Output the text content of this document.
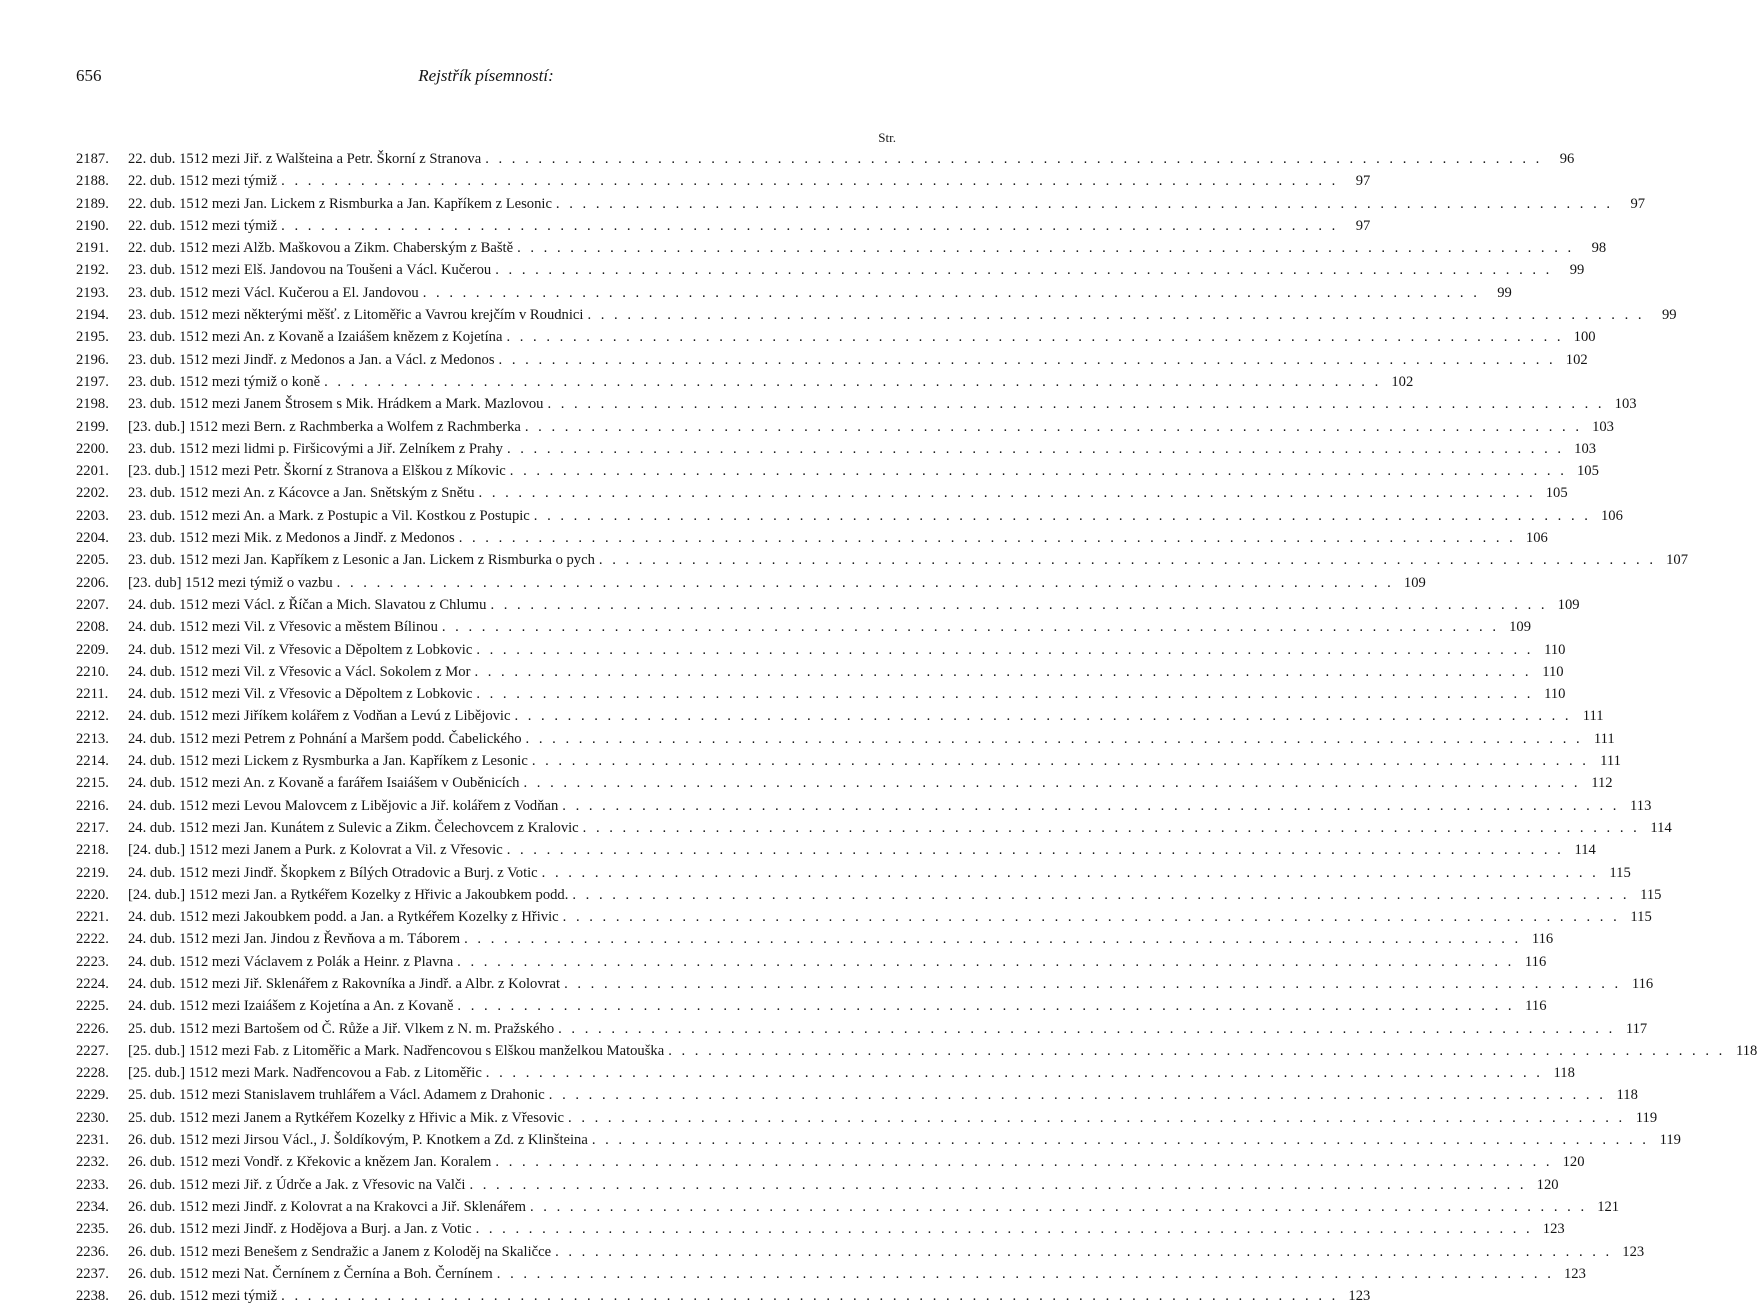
656	Rejstřík písemností:
Str.
2187.	22. dub. 1512 mezi Jiř. z Walšteina a Petr. Škorní z Stranova . . .	96
2188.	22. dub. 1512 mezi týmiž . . .	97
2189.	22. dub. 1512 mezi Jan. Lickem z Rismburka a Jan. Kapříkem z Lesonic . . .	97
2190.	22. dub. 1512 mezi týmiž . . .	97
2191.	22. dub. 1512 mezi Alžb. Maškovou a Zikm. Chaberským z Baště . . .	98
2192.	23. dub. 1512 mezi Elš. Jandovou na Toušeni a Václ. Kučerou . . .	99
2193.	23. dub. 1512 mezi Václ. Kučerou a El. Jandovou . . .	99
2194.	23. dub. 1512 mezi některými měšť. z Litoměřic a Vavrou krejčím v Roudnici . . .	99
2195.	23. dub. 1512 mezi An. z Kovaně a Izaiášem knězem z Kojetína . . .	100
2196.	23. dub. 1512 mezi Jindř. z Medonos a Jan. a Václ. z Medonos . . .	102
2197.	23. dub. 1512 mezi týmiž o koně . . .	102
2198.	23. dub. 1512 mezi Janem Štrosem s Mik. Hrádkem a Mark. Mazlovou . . .	103
2199.	[23. dub.] 1512 mezi Bern. z Rachmberka a Wolfem z Rachmberka . . .	103
2200.	23. dub. 1512 mezi lidmi p. Firšicovými a Jiř. Zelníkem z Prahy . . .	103
2201.	[23. dub.] 1512 mezi Petr. Škorní z Stranova a Elškou z Míkovic . . .	105
2202.	23. dub. 1512 mezi An. z Kácovce a Jan. Snětským z Snětu . . .	105
2203.	23. dub. 1512 mezi An. a Mark. z Postupic a Vil. Kostkou z Postupic . . .	106
2204.	23. dub. 1512 mezi Mik. z Medonos a Jindř. z Medonos . . .	106
2205.	23. dub. 1512 mezi Jan. Kapříkem z Lesonic a Jan. Lickem z Rismburka o pych . . .	107
2206.	[23. dub] 1512 mezi týmiž o vazbu . . .	109
2207.	24. dub. 1512 mezi Václ. z Říčan a Mich. Slavatou z Chlumu . . .	109
2208.	24. dub. 1512 mezi Vil. z Vřesovic a městem Bílinou . . .	109
2209.	24. dub. 1512 mezi Vil. z Vřesovic a Děpoltem z Lobkovic . . .	110
2210.	24. dub. 1512 mezi Vil. z Vřesovic a Václ. Sokolem z Mor . . .	110
2211.	24. dub. 1512 mezi Vil. z Vřesovic a Děpoltem z Lobkovic . . .	110
2212.	24. dub. 1512 mezi Jiříkem kolářem z Vodňan a Levú z Libějovic . . .	111
2213.	24. dub. 1512 mezi Petrem z Pohnání a Maršem podd. Čabelického . . .	111
2214.	24. dub. 1512 mezi Lickem z Rysmburka a Jan. Kapříkem z Lesonic . . .	111
2215.	24. dub. 1512 mezi An. z Kovaně a farářem Isaiášem v Ouběnicích . . .	112
2216.	24. dub. 1512 mezi Levou Malovcem z Libějovic a Jiř. kolářem z Vodňan . . .	113
2217.	24. dub. 1512 mezi Jan. Kunátem z Sulevic a Zikm. Čelechovcem z Kralovic . . .	114
2218.	[24. dub.] 1512 mezi Janem a Purk. z Kolovrat a Vil. z Vřesovic . . .	114
2219.	24. dub. 1512 mezi Jindř. Škopkem z Bílých Otradovic a Burj. z Votic . . .	115
2220.	[24. dub.] 1512 mezi Jan. a Rytkéřem Kozelky z Hřivic a Jakoubkem podd. . . .	115
2221.	24. dub. 1512 mezi Jakoubkem podd. a Jan. a Rytkéřem Kozelky z Hřivic . . .	115
2222.	24. dub. 1512 mezi Jan. Jindou z Řevňova a m. Táborem . . .	116
2223.	24. dub. 1512 mezi Václavem z Polák a Heinr. z Plavna . . .	116
2224.	24. dub. 1512 mezi Jiř. Sklenářem z Rakovníka a Jindř. a Albr. z Kolovrat . . .	116
2225.	24. dub. 1512 mezi Izaiášem z Kojetína a An. z Kovaně . . .	116
2226.	25. dub. 1512 mezi Bartošem od Č. Růže a Jiř. Vlkem z N. m. Pražského . . .	117
2227.	[25. dub.] 1512 mezi Fab. z Litoměřic a Mark. Nadřencovou s Elškou manželkou Matouška . . .	118
2228.	[25. dub.] 1512 mezi Mark. Nadřencovou a Fab. z Litoměřic . . .	118
2229.	25. dub. 1512 mezi Stanislavem truhlářem a Václ. Adamem z Drahonic . . .	118
2230.	25. dub. 1512 mezi Janem a Rytkéřem Kozelky z Hřivic a Mik. z Vřesovic . . .	119
2231.	26. dub. 1512 mezi Jirsou Václ., J. Šoldíkovým, P. Knotkem a Zd. z Klinšteina . . .	119
2232.	26. dub. 1512 mezi Vondř. z Křekovic a knězem Jan. Koralem . . .	120
2233.	26. dub. 1512 mezi Jiř. z Údrče a Jak. z Vřesovic na Valči . . .	120
2234.	26. dub. 1512 mezi Jindř. z Kolovrat a na Krakovci a Jiř. Sklenářem . . .	121
2235.	26. dub. 1512 mezi Jindř. z Hodějova a Burj. a Jan. z Votic . . .	123
2236.	26. dub. 1512 mezi Benešem z Sendražic a Janem z Koloděj na Skaličce . . .	123
2237.	26. dub. 1512 mezi Nat. Černínem z Černína a Boh. Černínem . . .	123
2238.	26. dub. 1512 mezi týmiž . . .	123
